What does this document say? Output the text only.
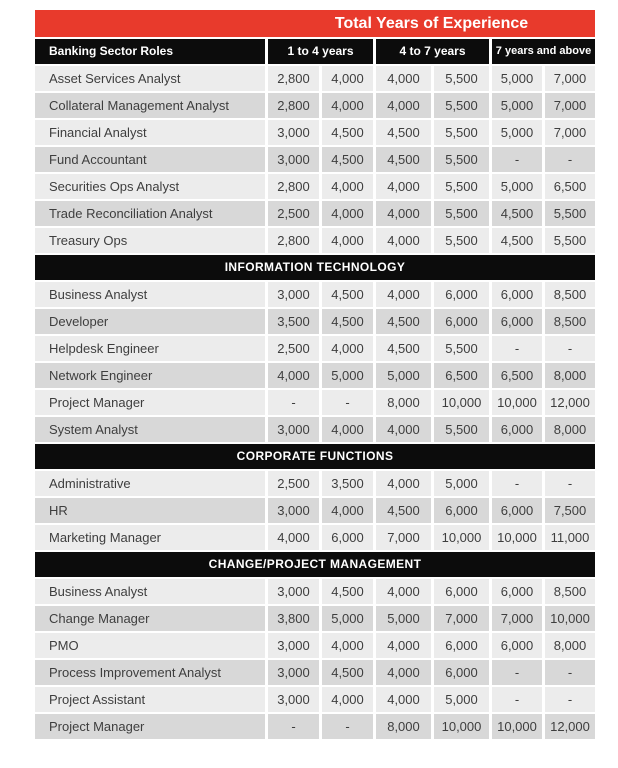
Total Years of Experience
Banking Sector Roles	1 to 4 years	4 to 7 years	7 years and above
Asset Services Analyst	2,800	4,000	4,000	5,500	5,000	7,000
Collateral Management Analyst	2,800	4,000	4,000	5,500	5,000	7,000
Financial Analyst	3,000	4,500	4,500	5,500	5,000	7,000
Fund Accountant	3,000	4,500	4,500	5,500	-	-
Securities Ops Analyst	2,800	4,000	4,000	5,500	5,000	6,500
Trade Reconciliation Analyst	2,500	4,000	4,000	5,500	4,500	5,500
Treasury Ops	2,800	4,000	4,000	5,500	4,500	5,500
INFORMATION TECHNOLOGY
Business Analyst	3,000	4,500	4,000	6,000	6,000	8,500
Developer	3,500	4,500	4,500	6,000	6,000	8,500
Helpdesk Engineer	2,500	4,000	4,500	5,500	-	-
Network Engineer	4,000	5,000	5,000	6,500	6,500	8,000
Project Manager	-	-	8,000	10,000	10,000	12,000
System Analyst	3,000	4,000	4,000	5,500	6,000	8,000
CORPORATE FUNCTIONS
Administrative	2,500	3,500	4,000	5,000	-	-
HR	3,000	4,000	4,500	6,000	6,000	7,500
Marketing Manager	4,000	6,000	7,000	10,000	10,000	11,000
CHANGE/PROJECT MANAGEMENT
Business Analyst	3,000	4,500	4,000	6,000	6,000	8,500
Change Manager	3,800	5,000	5,000	7,000	7,000	10,000
PMO	3,000	4,000	4,000	6,000	6,000	8,000
Process Improvement Analyst	3,000	4,500	4,000	6,000	-	-
Project Assistant	3,000	4,000	4,000	5,000	-	-
Project Manager	-	-	8,000	10,000	10,000	12,000
